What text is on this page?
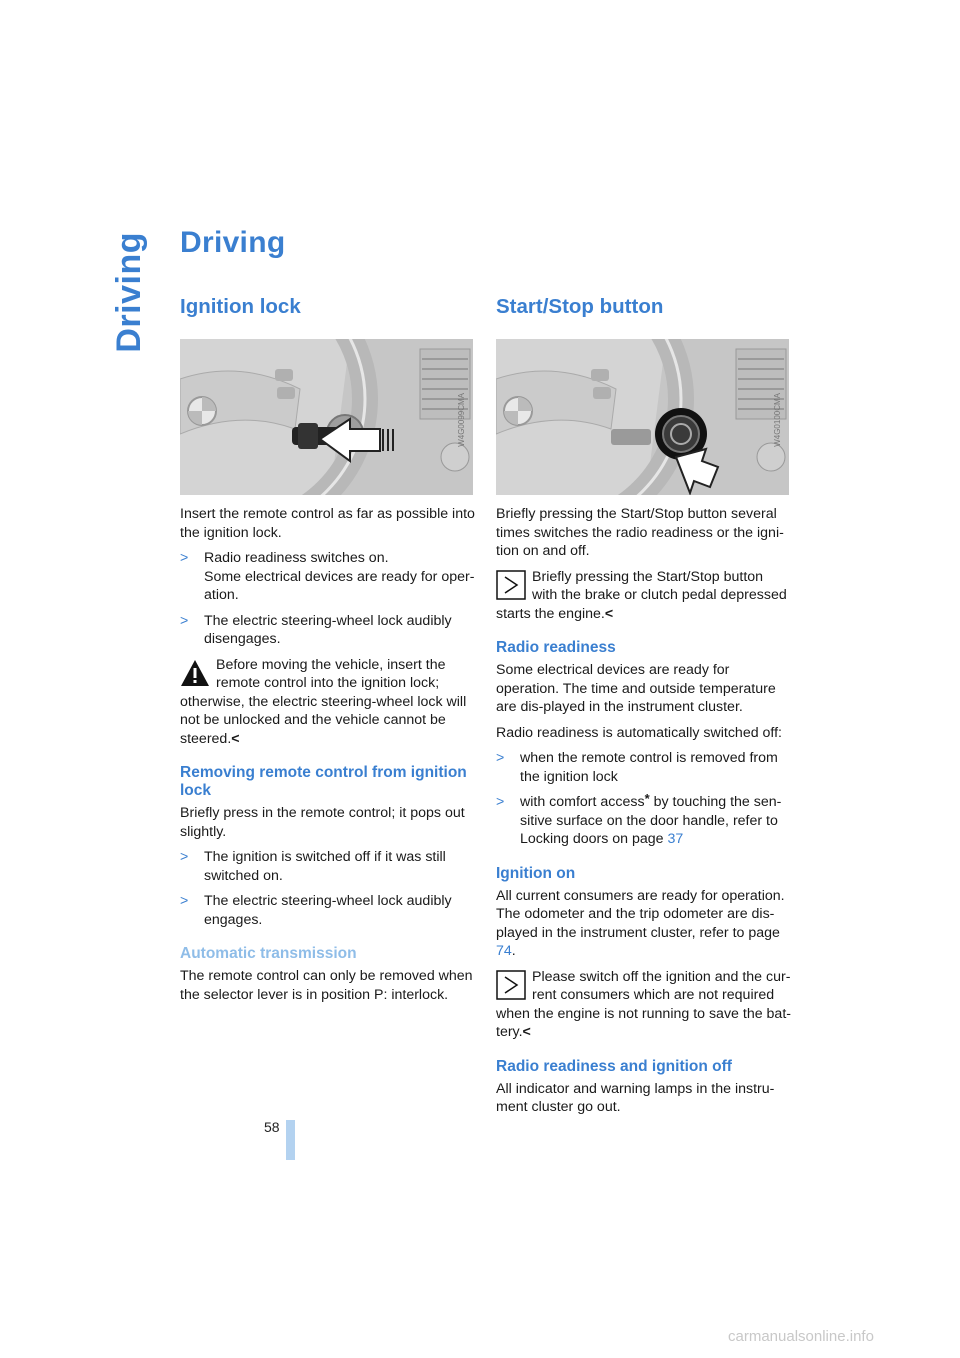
Driving
58
Driving
Ignition lock
W4G0099CMA

Insert the remote control as far as possible into the ignition lock.

> Radio readiness switches on.
Some electrical devices are ready for oper-ation.
> The electric steering-wheel lock audibly disengages.
Before moving the vehicle, insert the remote control into the ignition lock; otherwise, the electric steering-wheel lock will not be unlocked and the vehicle cannot be steered.<
Removing remote control from ignition lock

Briefly press in the remote control; it pops out slightly.

> The ignition is switched off if it was still switched on.
> The electric steering-wheel lock audibly engages.
Automatic transmission

The remote control can only be removed when the selector lever is in position P: interlock.

Start/Stop button
W4G0100CMA

Briefly pressing the Start/Stop button several times switches the radio readiness or the igni-tion on and off.

Briefly pressing the Start/Stop button with the brake or clutch pedal depressed starts the engine.<
Radio readiness

Some electrical devices are ready for operation. The time and outside temperature are dis-played in the instrument cluster.

Radio readiness is automatically switched off:

> when the remote control is removed from the ignition lock
> with comfort access* by touching the sen-sitive surface on the door handle, refer to Locking doors on page 37
Ignition on

All current consumers are ready for operation. The odometer and the trip odometer are dis-played in the instrument cluster, refer to page 74.

Please switch off the ignition and the cur-rent consumers which are not required when the engine is not running to save the bat-tery.<
Radio readiness and ignition off

All indicator and warning lamps in the instru-ment cluster go out.

carmanualsonline.info
